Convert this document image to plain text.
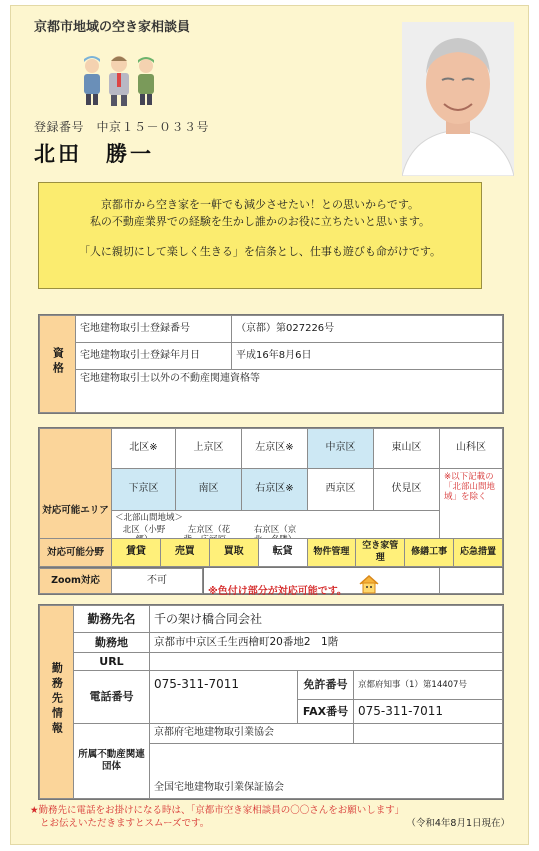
京都市地域の空き家相談員
登録番号　中京１５－０３３号
北田　勝一
京都市から空き家を一軒でも減少させたい！との思いからです。
私の不動産業界での経験を生かし誰かのお役に立ちたいと思います。
「人に親切にして楽しく生きる」を信条とし、仕事も遊びも命がけです。
資格	宅地建物取引士登録番号	（京都）第027226号
	宅地建物取引士登録年月日	平成16年8月6日
	宅地建物取引士以外の不動産関連資格等	
対応可能エリア	北区※	上京区	左京区※	中京区	東山区	山科区
	下京区	南区	右京区※	西京区	伏見区	※以下記載の「北部山間地域」を除く

	＜北部山間地域＞
北区（小野 左京区（花 右京区（京					
対応可能分野	賃貸	売買	買取	転貸	物件管理	空き家管理	修繕工事	応急措置
Zoom対応	不可
※色付け部分が対応可能です。
勤務先情報	勤務先名	千の架け橋合同会社		
	勤務地	京都市中京区壬生西檜町20番地2　1階		
	URL			
	電話番号	075-311-7011	免許番号	京都府知事（1）第14407号
			FAX番号	075-311-7011
	所属不動産関連団体	京都府宅地建物取引業協会		
		全国宅地建物取引業保証協会		
★勤務先に電話をお掛けになる時は、「京都市空き家相談員の〇〇さんをお願いします」
とお伝えいただきますとスムーズです。	（令和4年8月1日現在）
